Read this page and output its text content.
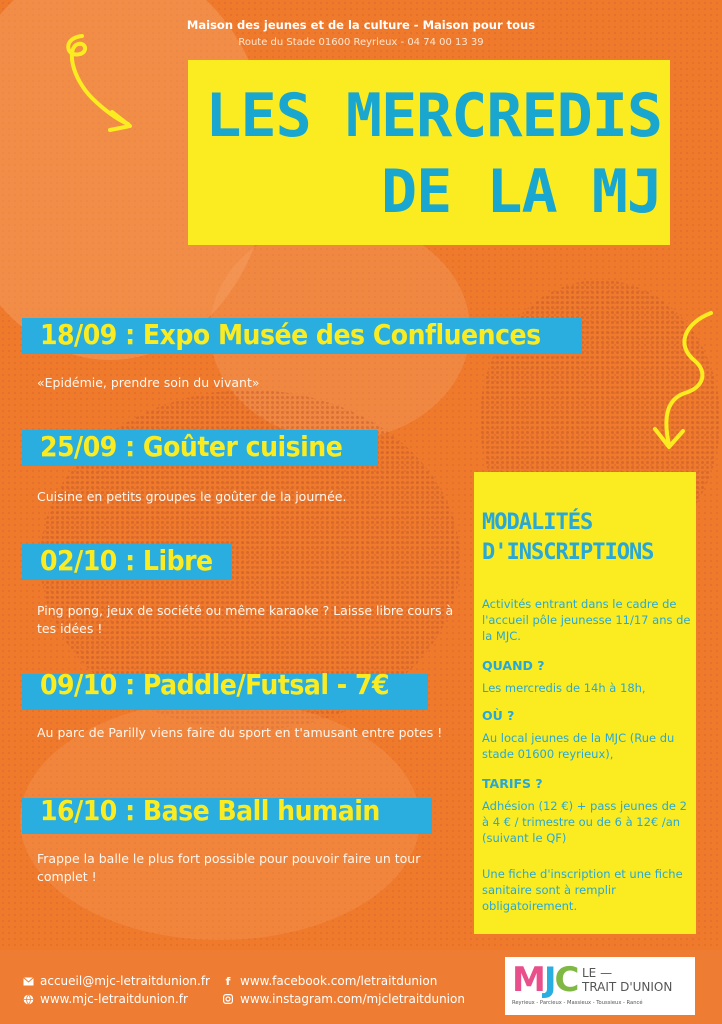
Maison des jeunes et de la culture - Maison pour tous
Route du Stade 01600 Reyrieux - 04 74 00 13 39
LES MERCREDIS
DE LA MJ
18/09 : Expo Musée des Confluences
«Epidémie, prendre soin du vivant»
25/09 : Goûter cuisine
Cuisine en petits groupes le goûter de la journée.
02/10 : Libre
Ping pong, jeux de société ou même karaoke ? Laisse libre cours à tes idées !
09/10 : Paddle/Futsal - 7€
Au parc de Parilly viens faire du sport en t'amusant entre potes !
16/10 : Base Ball humain
Frappe la balle le plus fort possible pour pouvoir faire un tour complet !
MODALITÉS
D'INSCRIPTIONS
Activités entrant dans le cadre de l'accueil pôle jeunesse 11/17 ans de la MJC.
QUAND ?
Les mercredis de 14h à 18h,
OÙ ?
Au local jeunes de la MJC (Rue du stade 01600 reyrieux),
TARIFS ?
Adhésion (12 €) + pass jeunes de 2 à 4 € / trimestre ou de 6 à 12€ /an (suivant le QF)
Une fiche d'inscription et une fiche sanitaire sont à remplir obligatoirement.
accueil@mjc-letraitdunion.fr
www.mjc-letraitdunion.fr
f www.facebook.com/letraitdunion
www.instagram.com/mjcletraitdunion MJC LE —
TRAIT D'UNION
Reyrieux - Parcieux - Massieux - Toussieux - Rancé
